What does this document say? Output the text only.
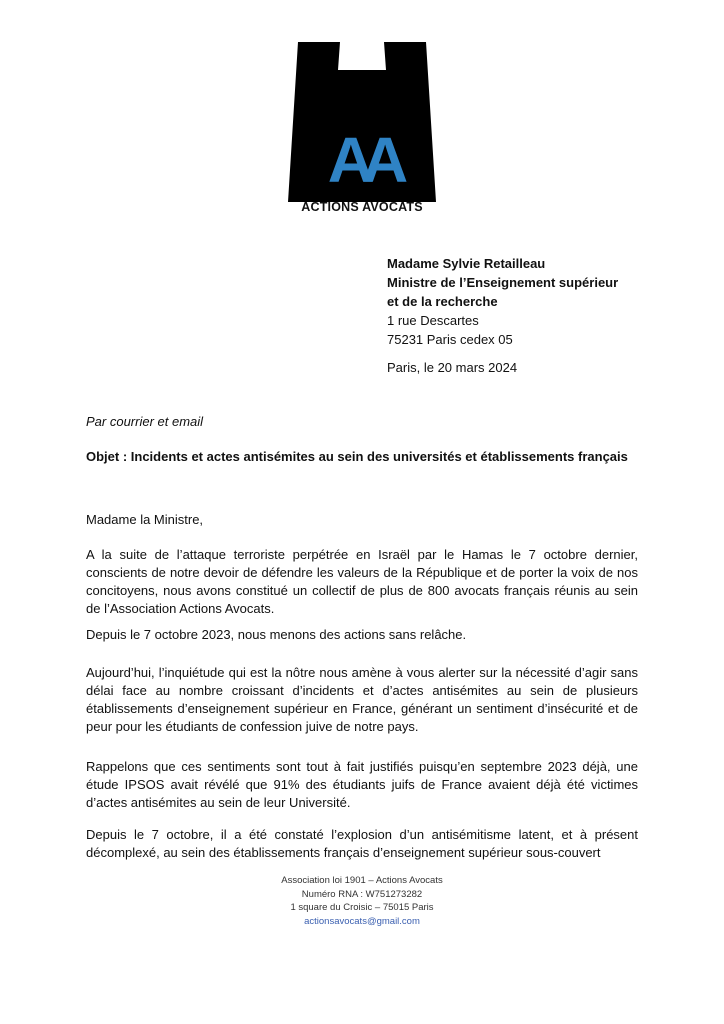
AA
ACTIONS AVOCATS
Madame Sylvie Retailleau
Ministre de l’Enseignement supérieur
et de la recherche
1 rue Descartes
75231 Paris cedex 05
Paris, le 20 mars 2024
Par courrier et email
Objet : Incidents et actes antisémites au sein des universités et établissements français
Madame la Ministre,

A la suite de l’attaque terroriste perpétrée en Israël par le Hamas le 7 octobre dernier, conscients de notre devoir de défendre les valeurs de la République et de porter la voix de nos concitoyens, nous avons constitué un collectif de plus de 800 avocats français réunis au sein de l’Association Actions Avocats.

Depuis le 7 octobre 2023, nous menons des actions sans relâche.

Aujourd’hui, l’inquiétude qui est la nôtre nous amène à vous alerter sur la nécessité d’agir sans délai face au nombre croissant d’incidents et d’actes antisémites au sein de plusieurs établissements d’enseignement supérieur en France, générant un sentiment d’insécurité et de peur pour les étudiants de confession juive de notre pays.

Rappelons que ces sentiments sont tout à fait justifiés puisqu’en septembre 2023 déjà, une étude IPSOS avait révélé que 91% des étudiants juifs de France avaient déjà été victimes d’actes antisémites au sein de leur Université.

Depuis le 7 octobre, il a été constaté l’explosion d’un antisémitisme latent, et à présent décomplexé, au sein des établissements français d’enseignement supérieur sous-couvert

Association loi 1901 – Actions Avocats
Numéro RNA : W751273282
1 square du Croisic – 75015 Paris
actionsavocats@gmail.com
